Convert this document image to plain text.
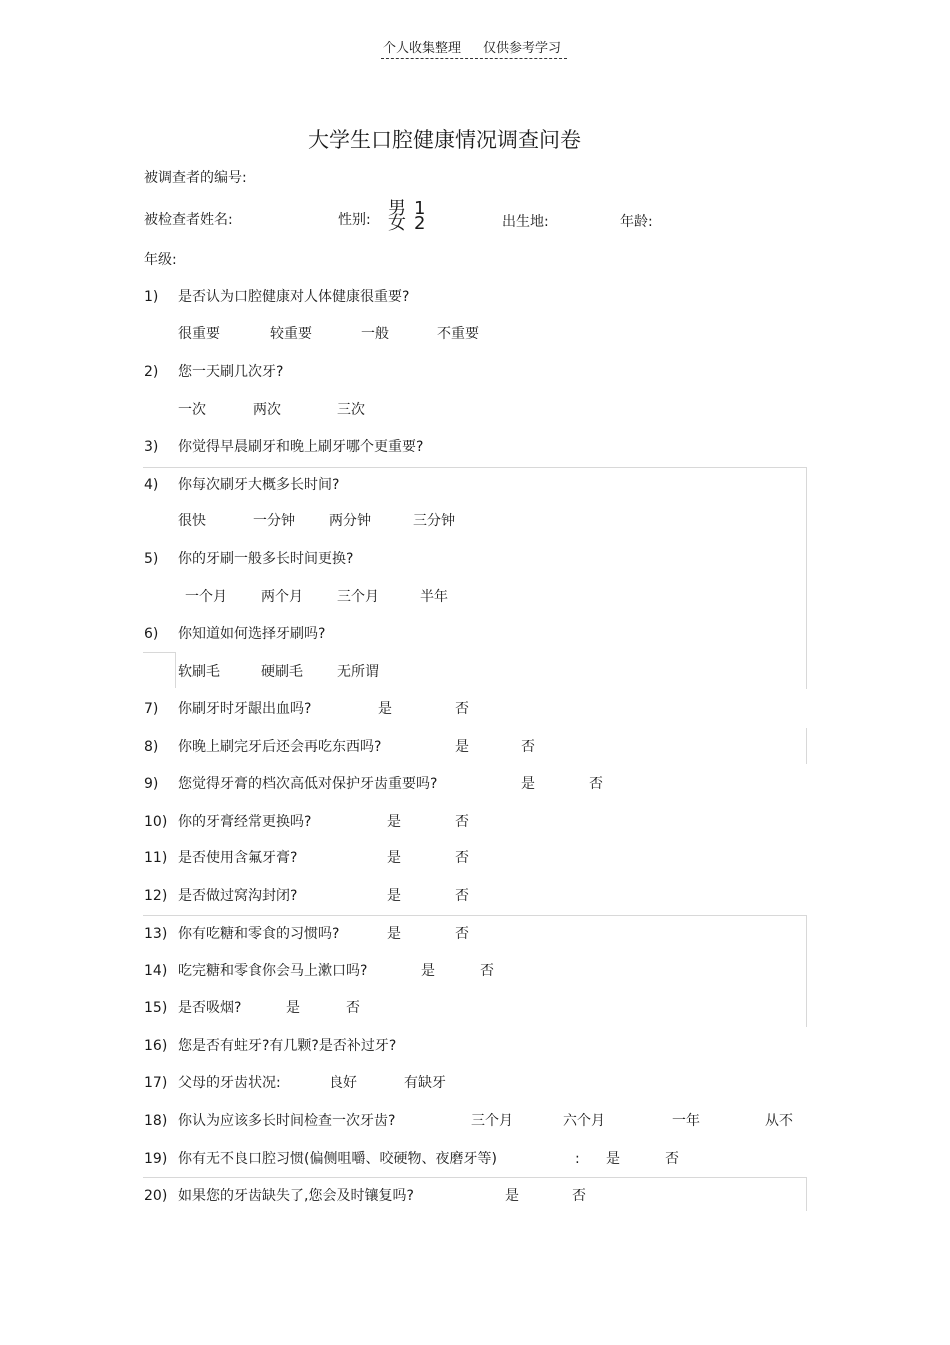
个人收集整理 仅供参考学习
大学生口腔健康情况调查问卷
被调查者的编号:
被检查者姓名:	性别:
男 1
女 2	出生地:	年龄:
年级:
1) 是否认为口腔健康对人体健康很重要?
很重要	较重要	一般	不重要
2) 您一天刷几次牙?
一次	两次	三次
3) 你觉得早晨刷牙和晚上刷牙哪个更重要?
4) 你每次刷牙大概多长时间?
很快	一分钟 两分钟	三分钟
5) 你的牙刷一般多长时间更换?
一个月 两个月 三个月	半年
6) 你知道如何选择牙刷吗?
软刷毛	硬刷毛 无所谓
7) 你刷牙时牙龈出血吗?	是	否
8) 你晚上刷完牙后还会再吃东西吗?	是	否
9) 您觉得牙膏的档次高低对保护牙齿重要吗?	是	否
10) 你的牙膏经常更换吗?	是	否
11) 是否使用含氟牙膏?	是	否
12) 是否做过窝沟封闭?	是	否
13) 你有吃糖和零食的习惯吗?	是	否
14) 吃完糖和零食你会马上漱口吗?	是	否
15) 是否吸烟?	是	否
16) 您是否有蛀牙?有几颗?是否补过牙?
17) 父母的牙齿状况:	良好	有缺牙
18) 你认为应该多长时间检查一次牙齿?	三个月	六个月	一年	从不
19) 你有无不良口腔习惯(偏侧咀嚼、咬硬物、夜磨牙等)	: 是	否
20) 如果您的牙齿缺失了,您会及时镶复吗?	是	否
